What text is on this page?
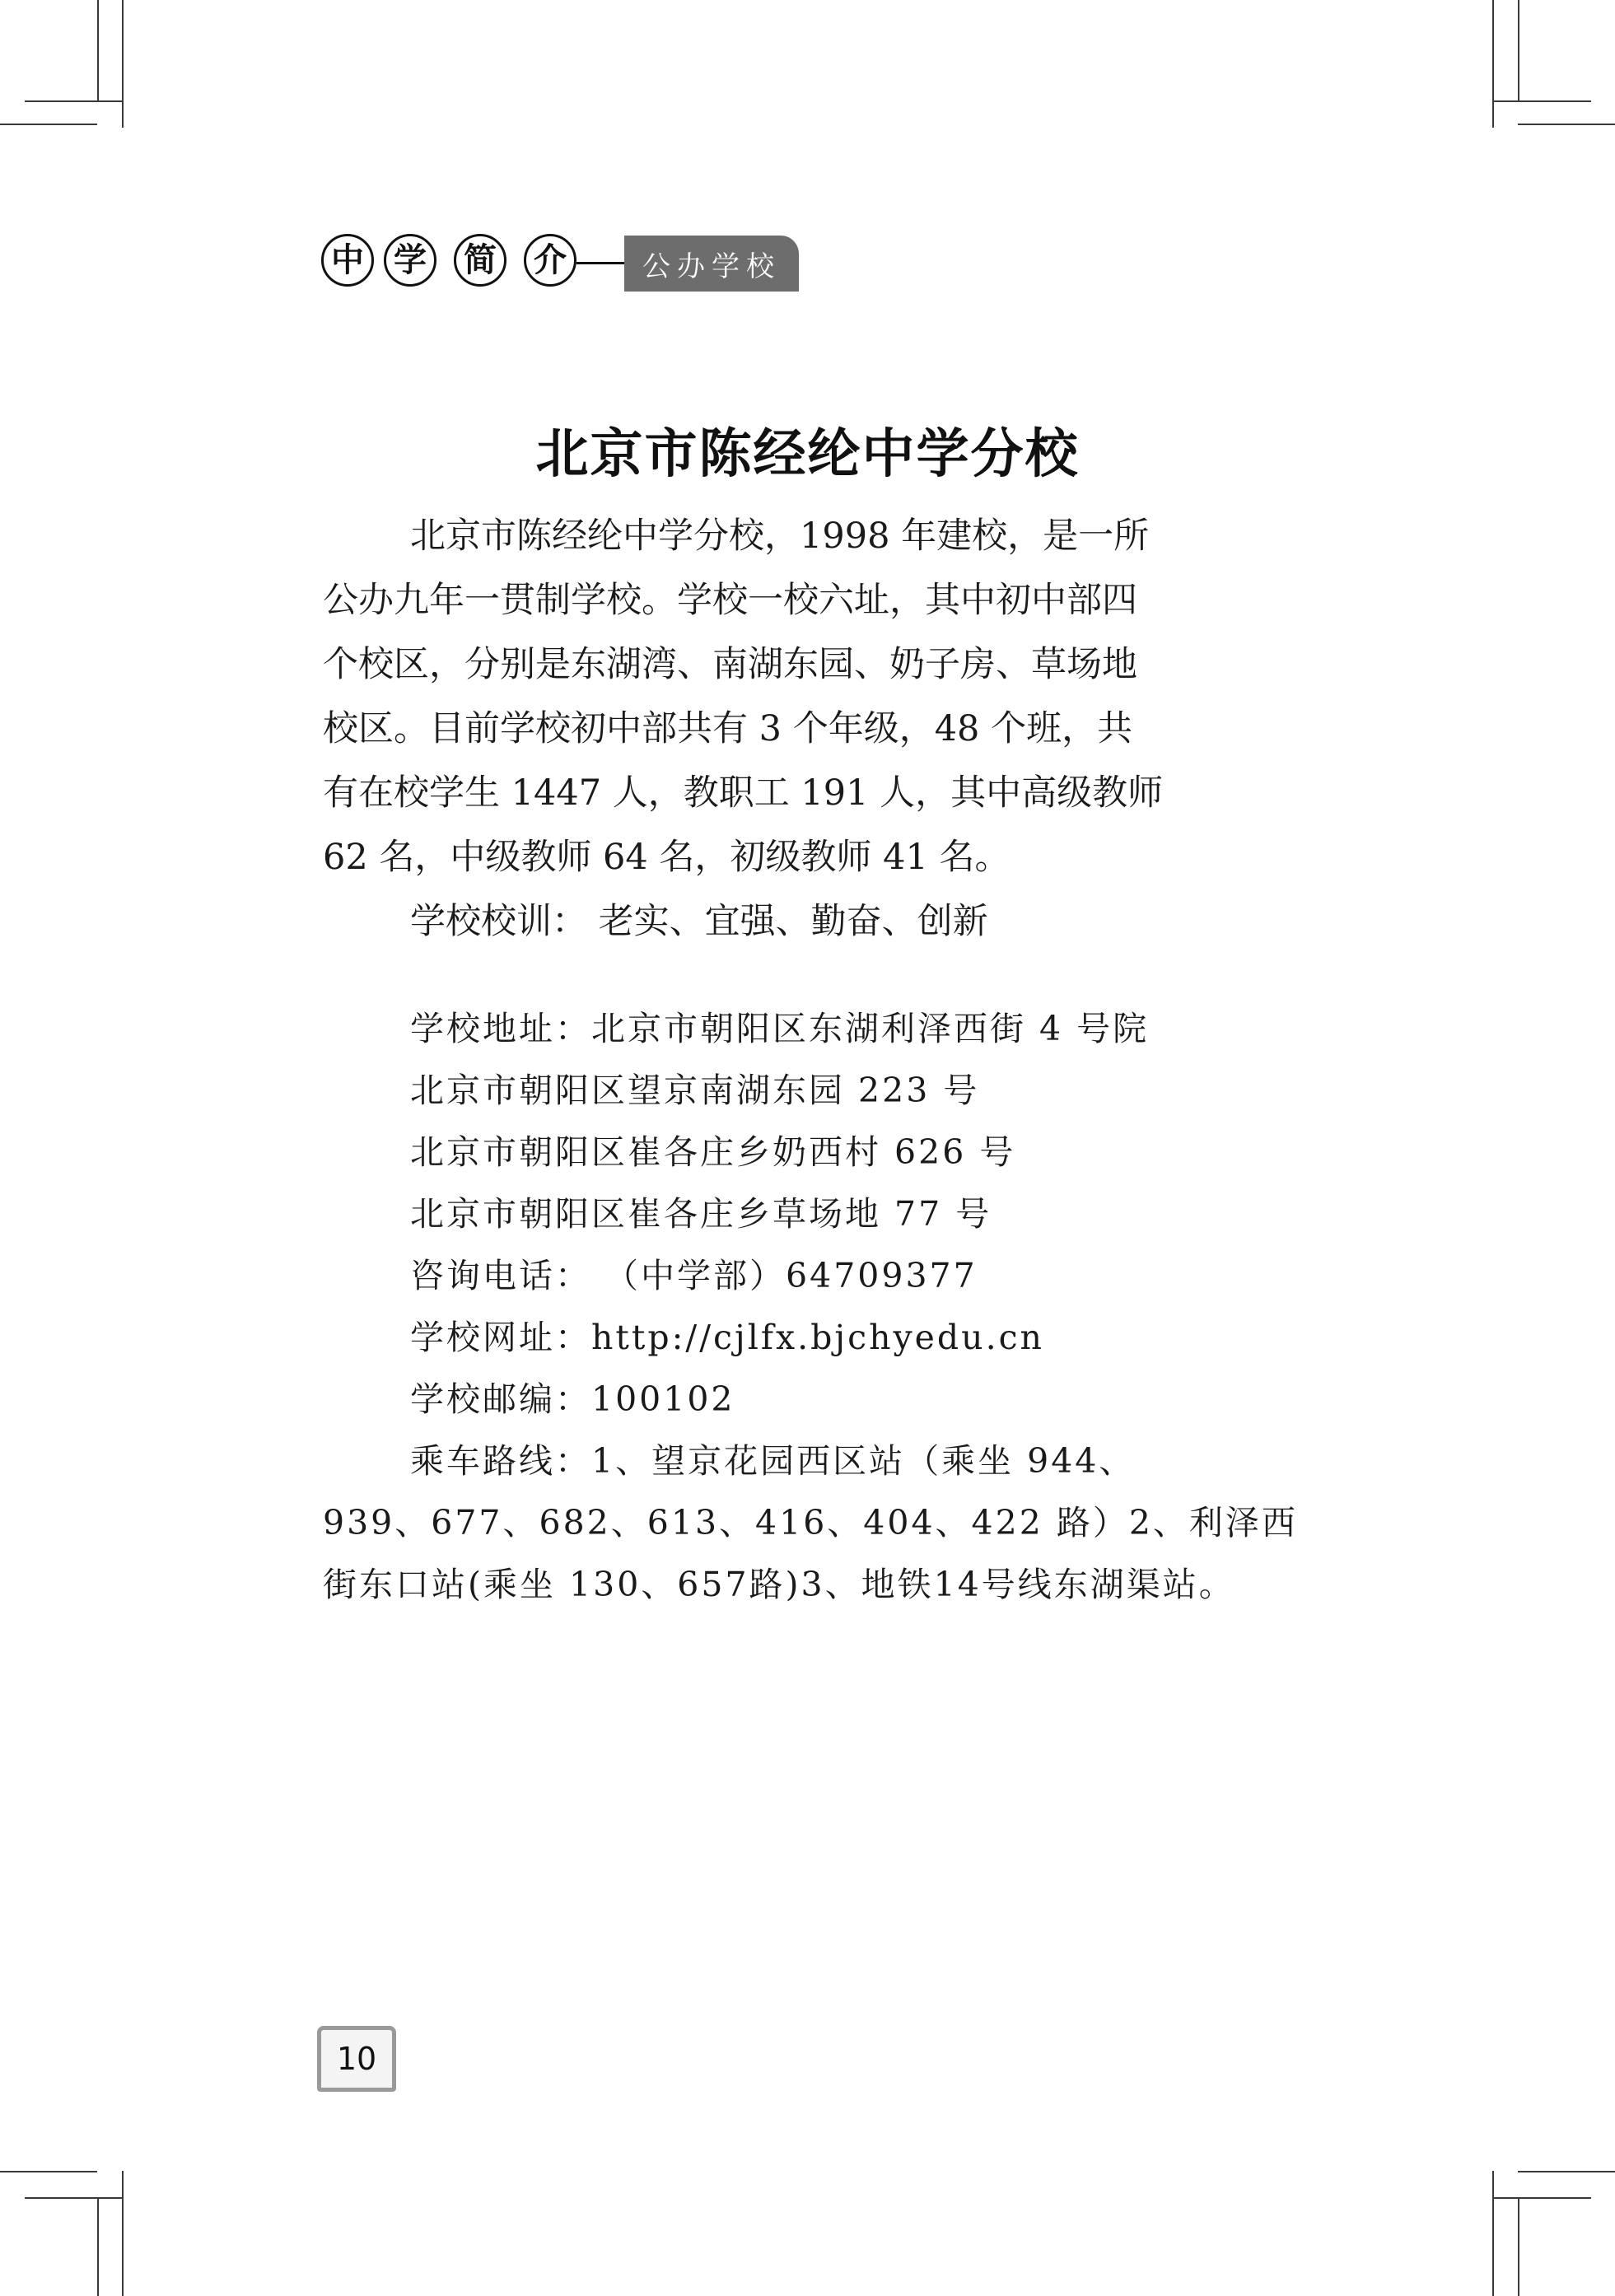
中 学	简	介	公办学校
北京市陈经纶中学分校
北京市陈经纶中学分校，1998 年建校，是一所
公办九年一贯制学校。学校一校六址，其中初中部四
个校区，分别是东湖湾、南湖东园、奶子房、草场地
校区。目前学校初中部共有 3 个年级，48 个班，共
有在校学生 1447 人，教职工 191 人，其中高级教师
62 名，中级教师 64 名，初级教师 41 名。
学校校训： 老实、宜强、勤奋、创新
学校地址：北京市朝阳区东湖利泽西街 4 号院
北京市朝阳区望京南湖东园 223 号
北京市朝阳区崔各庄乡奶西村 626 号
北京市朝阳区崔各庄乡草场地 77 号
咨询电话： （中学部）64709377
学校网址：http://cjlfx.bjchyedu.cn
学校邮编：100102
乘车路线：1、望京花园西区站（乘坐 944、
939、677、682、613、416、404、422 路）2、利泽西
街东口站(乘坐 130、657路)3、地铁14号线东湖渠站。
10
